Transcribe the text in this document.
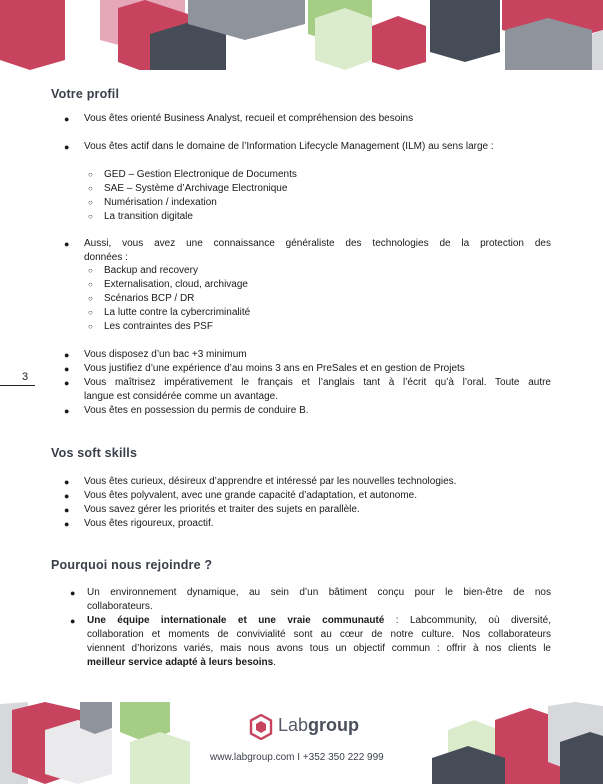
Votre profil
● Vous êtes orienté Business Analyst, recueil et compréhension des besoins

● Vous êtes actif dans le domaine de l’Information Lifecycle Management (ILM) au sens large :

○ GED – Gestion Electronique de Documents

○ SAE – Système d’Archivage Electronique

○ Numérisation / indexation

○ La transition digitale

● Aussi, vous avez une connaissance généraliste des technologies de la protection des

données :

○ Backup and recovery

○ Externalisation, cloud, archivage

○ Scénarios BCP / DR

○ La lutte contre la cybercriminalité

○ Les contraintes des PSF

● Vous disposez d’un bac +3 minimum

● Vous justifiez d’une expérience d’au moins 3 ans en PreSales et en gestion de Projets

● Vous maîtrisez impérativement le français et l’anglais tant à l’écrit qu’à l’oral. Toute autre

langue est considérée comme un avantage.

● Vous êtes en possession du permis de conduire B.

3

Vos soft skills
● Vous êtes curieux, désireux d’apprendre et intéressé par les nouvelles technologies.

● Vous êtes polyvalent, avec une grande capacité d’adaptation, et autonome.

● Vous savez gérer les priorités et traiter des sujets en parallèle.

● Vous êtes rigoureux, proactif.

Pourquoi nous rejoindre ?
● Un environnement dynamique, au sein d’un bâtiment conçu pour le bien-être de nos

collaborateurs.

● Une équipe internationale et une vraie communauté : Labcommunity, où diversité,

collaboration et moments de convivialité sont au cœur de notre culture. Nos collaborateurs

viennent d’horizons variés, mais nous avons tous un objectif commun : offrir à nos clients le

meilleur service adapté à leurs besoins.

Labgroup

www.labgroup.com I +352 350 222 999
